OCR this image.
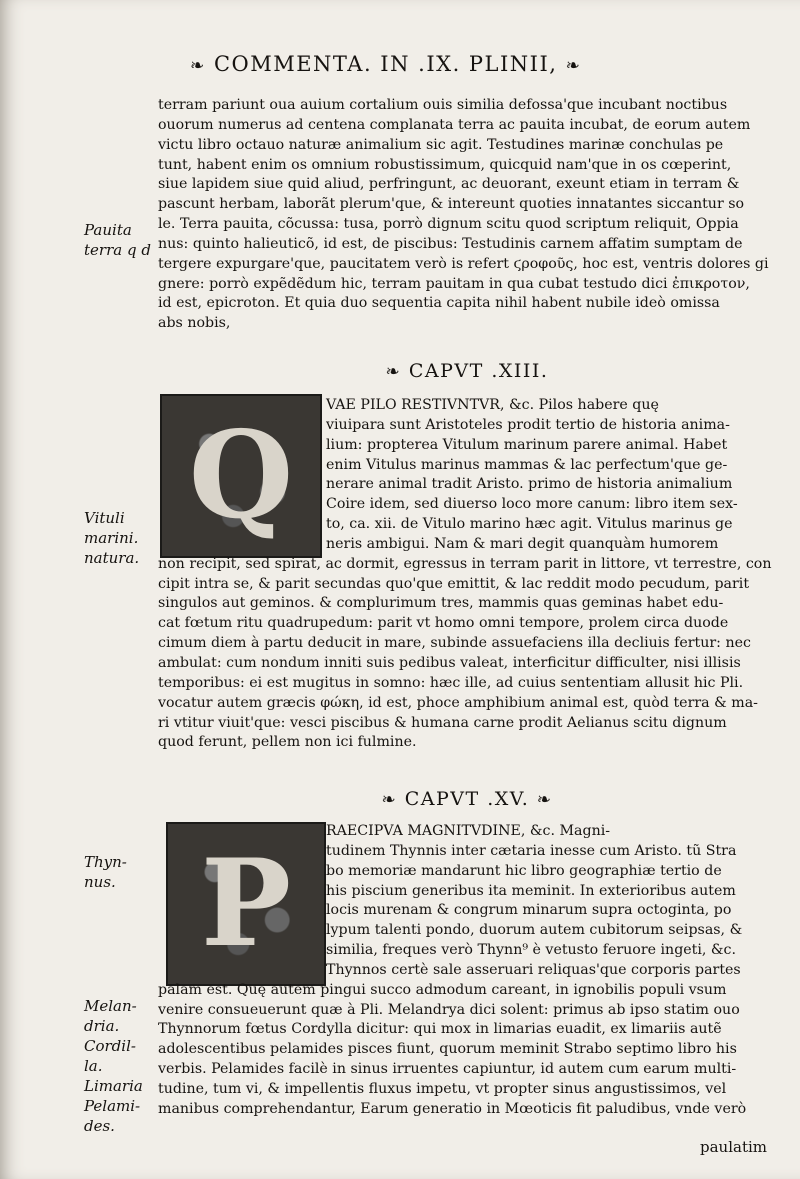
❧ COMMENTA. IN .IX. PLINII, ❧
terram pariunt oua auium cortalium ouis similia defossa'que incubant noctibus
ouorum numerus ad centena complanata terra ac pauita incubat, de eorum autem
victu libro octauo naturæ animalium sic agit. Testudines marinæ conchulas pe
tunt, habent enim os omnium robustissimum, quicquid nam'que in os cœperint,
siue lapidem siue quid aliud, perfringunt, ac deuorant, exeunt etiam in terram &
pascunt herbam, laborãt plerum'que, & intereunt quoties innatantes siccantur so
le. Terra pauita, cõcussa: tusa, porrò dignum scitu quod scriptum reliquit, Oppia
nus: quinto halieuticõ, id est, de piscibus: Testudinis carnem affatim sumptam de
tergere expurgare'que, paucitatem verò is refert ϛροφοῦς, hoc est, ventris dolores gi
gnere: porrò expẽdẽdum hic, terram pauitam in qua cubat testudo dici ἐπικροτον,
id est, epicroton. Et quia duo sequentia capita nihil habent nubile ideò omissa
abs nobis,
❧ CAPVT .XIII.
Q	VAE PILO RESTIVNTVR, &c. Pilos habere quę
viuipara sunt Aristoteles prodit tertio de historia anima-
lium: propterea Vitulum marinum parere animal. Habet
enim Vitulus marinus mammas & lac perfectum'que ge-
nerare animal tradit Aristo. primo de historia animalium
Coire idem, sed diuerso loco more canum: libro item sex-
to, ca. xii. de Vitulo marino hæc agit. Vitulus marinus ge
neris ambigui. Nam & mari degit quanquàm humorem
non recipit, sed spirat, ac dormit, egressus in terram parit in littore, vt terrestre, con
cipit intra se, & parit secundas quo'que emittit, & lac reddit modo pecudum, parit
singulos aut geminos. & complurimum tres, mammis quas geminas habet edu-
cat fœtum ritu quadrupedum: parit vt homo omni tempore, prolem circa duode
cimum diem à partu deducit in mare, subinde assuefaciens illa decliuis fertur: nec
ambulat: cum nondum inniti suis pedibus valeat, interficitur difficulter, nisi illisis
temporibus: ei est mugitus in somno: hæc ille, ad cuius sententiam allusit hic Pli.
vocatur autem græcis φώκη, id est, phoce amphibium animal est, quòd terra & ma-
ri vtitur viuit'que: vesci piscibus & humana carne prodit Aelianus scitu dignum
quod ferunt, pellem non ici fulmine.
❧ CAPVT .XV. ❧
P
RAECIPVA MAGNITVDINE, &c. Magni-
tudinem Thynnis inter cætaria inesse cum Aristo. tũ Stra
bo memoriæ mandarunt hic libro geographiæ tertio de
his piscium generibus ita meminit. In exterioribus autem
locis murenam & congrum minarum supra octoginta, po
lypum talenti pondo, duorum autem cubitorum seipsas, &
similia, freques verò Thynn⁹ è vetusto feruore ingeti, &c.
Thynnos certè sale asseruari reliquas'que corporis partes
palam est. Quę autem pingui succo admodum careant, in ignobilis populi vsum
venire consueuerunt quæ à Pli. Melandrya dici solent: primus ab ipso statim ouo
Thynnorum fœtus Cordylla dicitur: qui mox in limarias euadit, ex limariis autẽ
adolescentibus pelamides pisces fiunt, quorum meminit Strabo septimo libro his
verbis. Pelamides facilè in sinus irruentes capiuntur, id autem cum earum multi-
tudine, tum vi, & impellentis fluxus impetu, vt propter sinus angustissimos, vel
manibus comprehendantur, Earum generatio in Mœoticis fit paludibus, vnde verò
paulatim
Pauita
terra q d
Vituli
marini.
natura.
Thyn-
nus.
Melan-
dria.
Cordil-
la.
Limaria
Pelami-
des.
